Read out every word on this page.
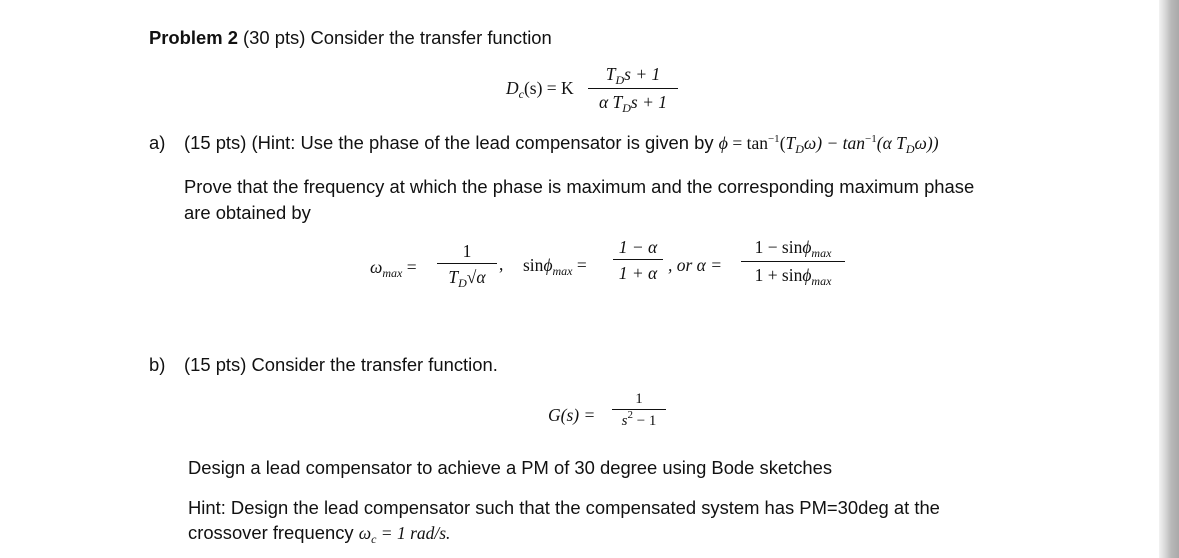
Problem 2 (30 pts) Consider the transfer function
$D_c(s) = K$
$T_Ds + 1$
α $T_Ds + 1$
a) (15 pts) (Hint: Use the phase of the lead compensator is given by $\phi = \tan^{-1}(T_D\omega) - \tan^{-1}(\alpha$ $T_D\omega$))
Prove that the frequency at which the phase is maximum and the corresponding maximum phase
are obtained by
$\omega_{max}$ =
1
$T_D√\alpha$
, sinϕ$_{max}$ =
1 − α
1 + α , or α =
1 − sinϕ$_{max}$
1 + sinϕ$_{max}$
b) (15 pts) Consider the transfer function.
G(s) =
1
$s^2 - 1$
Design a lead compensator to achieve a PM of 30 degree using Bode sketches
Hint: Design the lead compensator such that the compensated system has PM=30deg at the
crossover frequency $\omega_c = 1$ rad/s.
